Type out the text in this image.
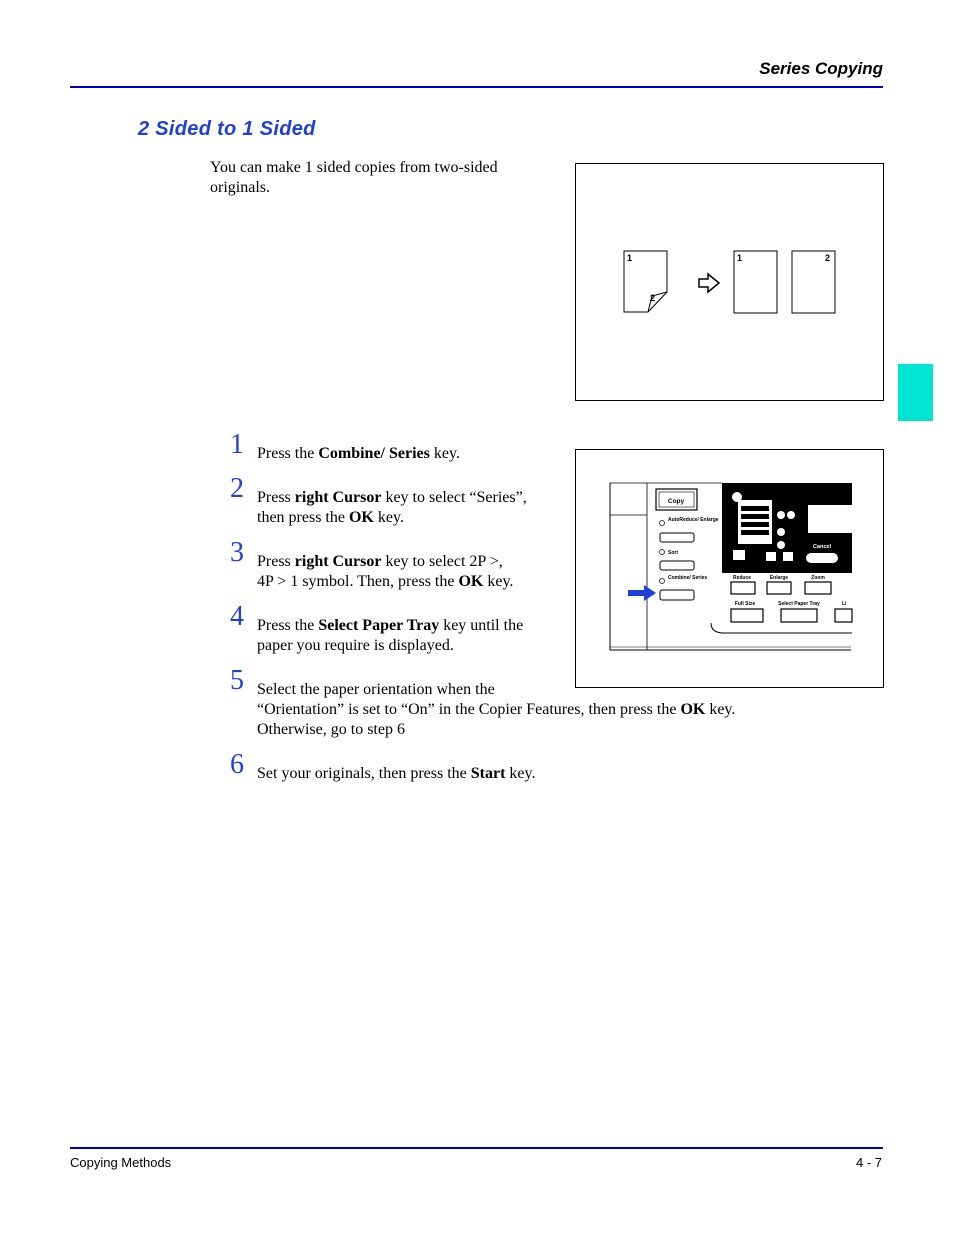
Series Copying
2 Sided to 1 Sided
You can make 1 sided copies from two-sided originals.
1
2
1	2
Copy
AutoReduce/ Enlarge
Sort
Combine/ Series
Cancel
Reduce	Enlarge	Zoom
Full Size	Select Paper Tray	Li
1 Press the Combine/ Series key.
2 Press right Cursor key to select “Series”,
then press the OK key.
3 Press right Cursor key to select 2P >,
4P > 1 symbol. Then, press the OK key.
4 Press the Select Paper Tray key until the
paper you require is displayed.
5 Select the paper orientation when the
“Orientation” is set to “On” in the Copier Features, then press the OK key.
Otherwise, go to step 6
6 Set your originals, then press the Start key.
Copying Methods	4 - 7
